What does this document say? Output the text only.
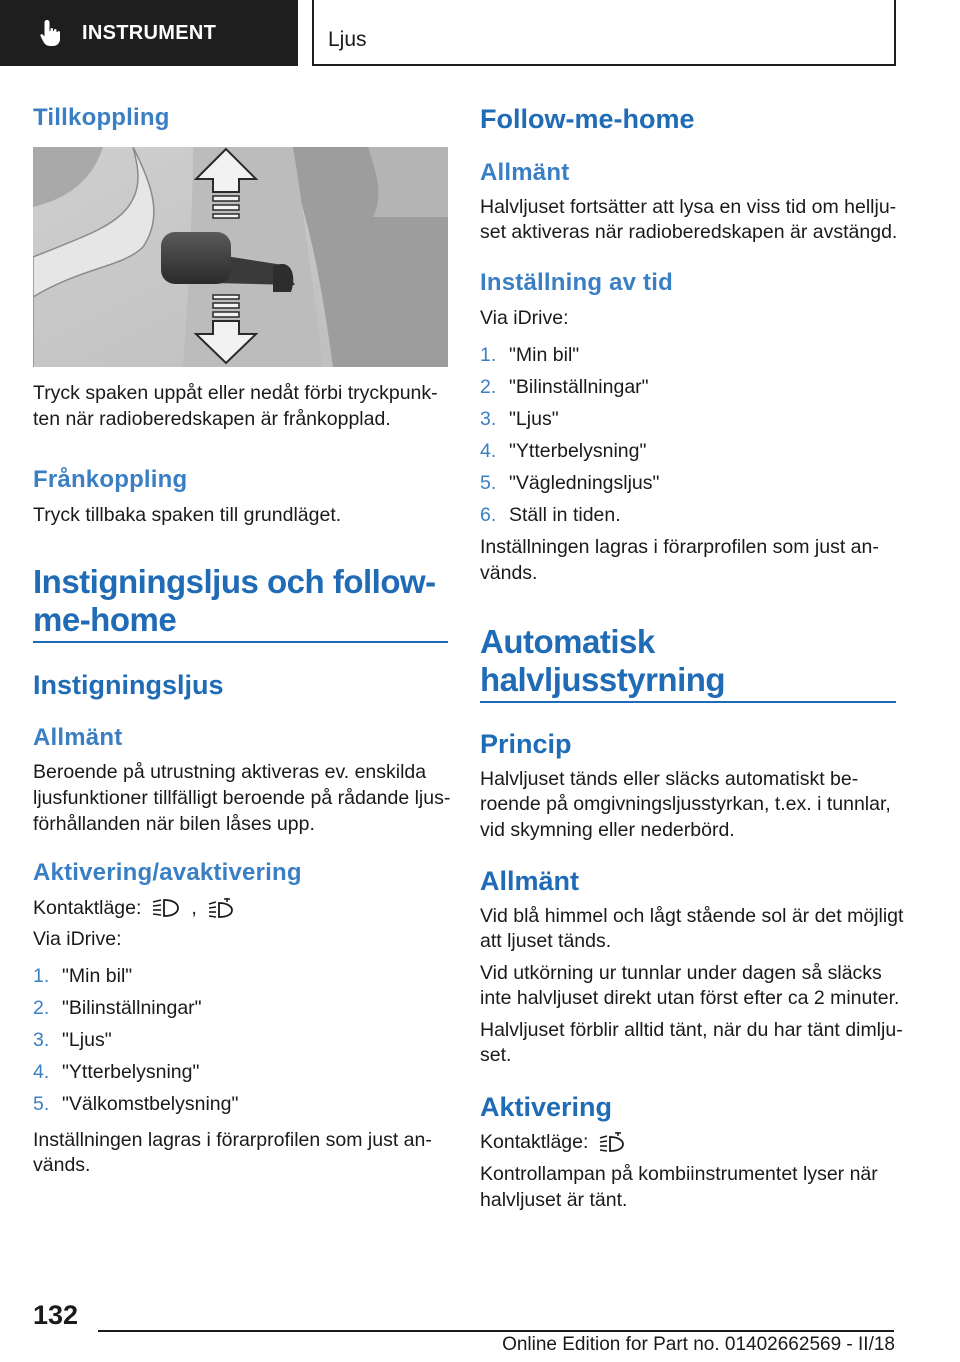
INSTRUMENT	Ljus
Tillkoppling
Tryck spaken uppåt eller nedåt förbi tryckpunk-
ten när radioberedskapen är frånkopplad.
Frånkoppling
Tryck tillbaka spaken till grundläget.
Instigningsljus och follow-
me-home
Instigningsljus
Allmänt
Beroende på utrustning aktiveras ev. enskilda
ljusfunktioner tillfälligt beroende på rådande ljus-
förhållanden när bilen låses upp.
Aktivering/avaktivering
Kontaktläge:	,
Via iDrive:
1. "Min bil"
2. "Bilinställningar"
3. "Ljus"
4. "Ytterbelysning"
5. "Välkomstbelysning"
Inställningen lagras i förarprofilen som just an-
vänds.
Follow-me-home
Allmänt
Halvljuset fortsätter att lysa en viss tid om hellju-
set aktiveras när radioberedskapen är avstängd.
Inställning av tid
Via iDrive:
1. "Min bil"
2. "Bilinställningar"
3. "Ljus"
4. "Ytterbelysning"
5. "Vägledningsljus"
6. Ställ in tiden.
Inställningen lagras i förarprofilen som just an-
vänds.
Automatisk
halvljusstyrning
Princip
Halvljuset tänds eller släcks automatiskt be-
roende på omgivningsljusstyrkan, t.ex. i tunnlar,
vid skymning eller nederbörd.
Allmänt
Vid blå himmel och lågt stående sol är det möjligt
att ljuset tänds.
Vid utkörning ur tunnlar under dagen så släcks
inte halvljuset direkt utan först efter ca 2 minuter.
Halvljuset förblir alltid tänt, när du har tänt dimlju-
set.
Aktivering
Kontaktläge:
Kontrollampan på kombiinstrumentet lyser när
halvljuset är tänt.
132
Online Edition for Part no. 01402662569 - II/18
